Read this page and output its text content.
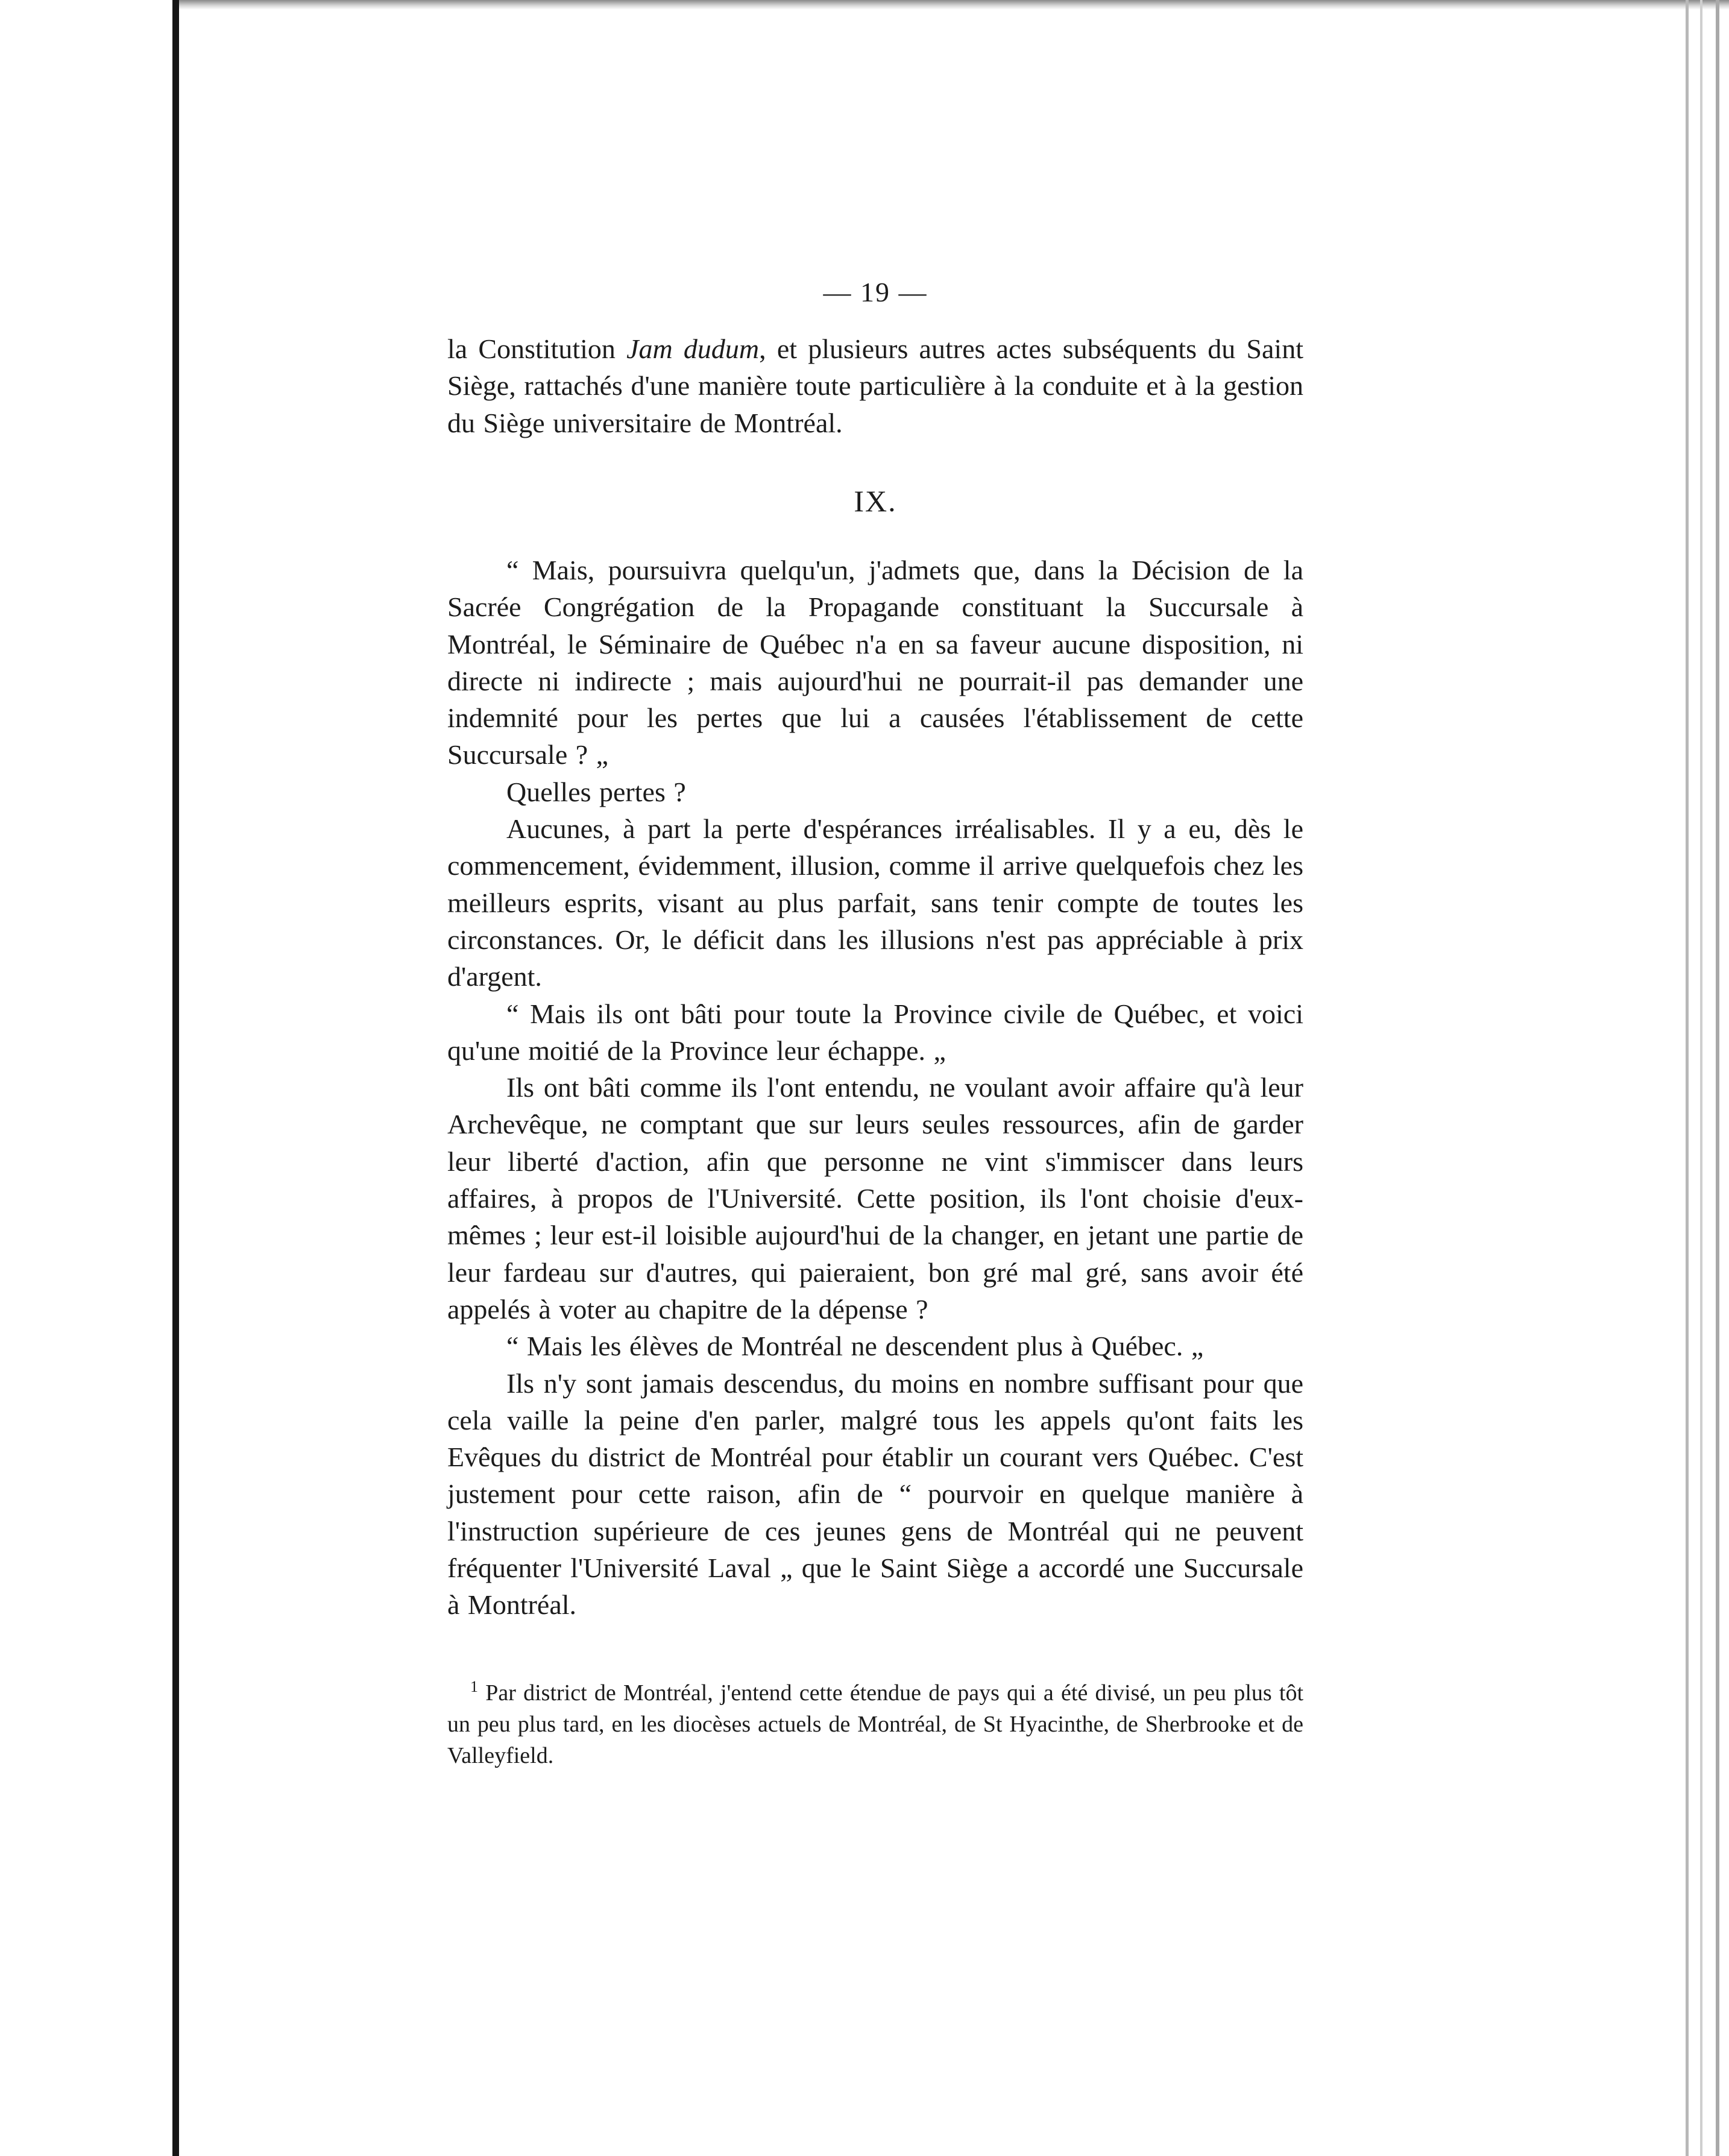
— 19 —

la Constitution Jam dudum, et plusieurs autres actes subséquents du Saint Siège, rattachés d'une manière toute particulière à la conduite et à la gestion du Siège universitaire de Montréal.

IX.

“ Mais, poursuivra quelqu'un, j'admets que, dans la Décision de la Sacrée Congrégation de la Propagande constituant la Succursale à Montréal, le Séminaire de Québec n'a en sa faveur aucune disposition, ni directe ni indirecte ; mais aujourd'hui ne pourrait-il pas demander une indemnité pour les pertes que lui a causées l'établissement de cette Succursale ? „

Quelles pertes ?

Aucunes, à part la perte d'espérances irréalisables. Il y a eu, dès le commencement, évidemment, illusion, comme il arrive quelquefois chez les meilleurs esprits, visant au plus parfait, sans tenir compte de toutes les circonstances. Or, le déficit dans les illusions n'est pas appréciable à prix d'argent.

“ Mais ils ont bâti pour toute la Province civile de Québec, et voici qu'une moitié de la Province leur échappe. „

Ils ont bâti comme ils l'ont entendu, ne voulant avoir affaire qu'à leur Archevêque, ne comptant que sur leurs seules ressources, afin de garder leur liberté d'action, afin que personne ne vint s'immiscer dans leurs affaires, à propos de l'Université. Cette position, ils l'ont choisie d'eux-mêmes ; leur est-il loisible aujourd'hui de la changer, en jetant une partie de leur fardeau sur d'autres, qui paieraient, bon gré mal gré, sans avoir été appelés à voter au chapitre de la dépense ?

“ Mais les élèves de Montréal ne descendent plus à Québec. „

Ils n'y sont jamais descendus, du moins en nombre suffisant pour que cela vaille la peine d'en parler, malgré tous les appels qu'ont faits les Evêques du district de Montréal pour établir un courant vers Québec. C'est justement pour cette raison, afin de “ pourvoir en quelque manière à l'instruction supérieure de ces jeunes gens de Montréal qui ne peuvent fréquenter l'Université Laval „ que le Saint Siège a accordé une Succursale à Montréal.

$^1$ Par district de Montréal, j'entend cette étendue de pays qui a été divisé, un peu plus tôt un peu plus tard, en les diocèses actuels de Montréal, de St Hyacinthe, de Sherbrooke et de Valleyfield.
